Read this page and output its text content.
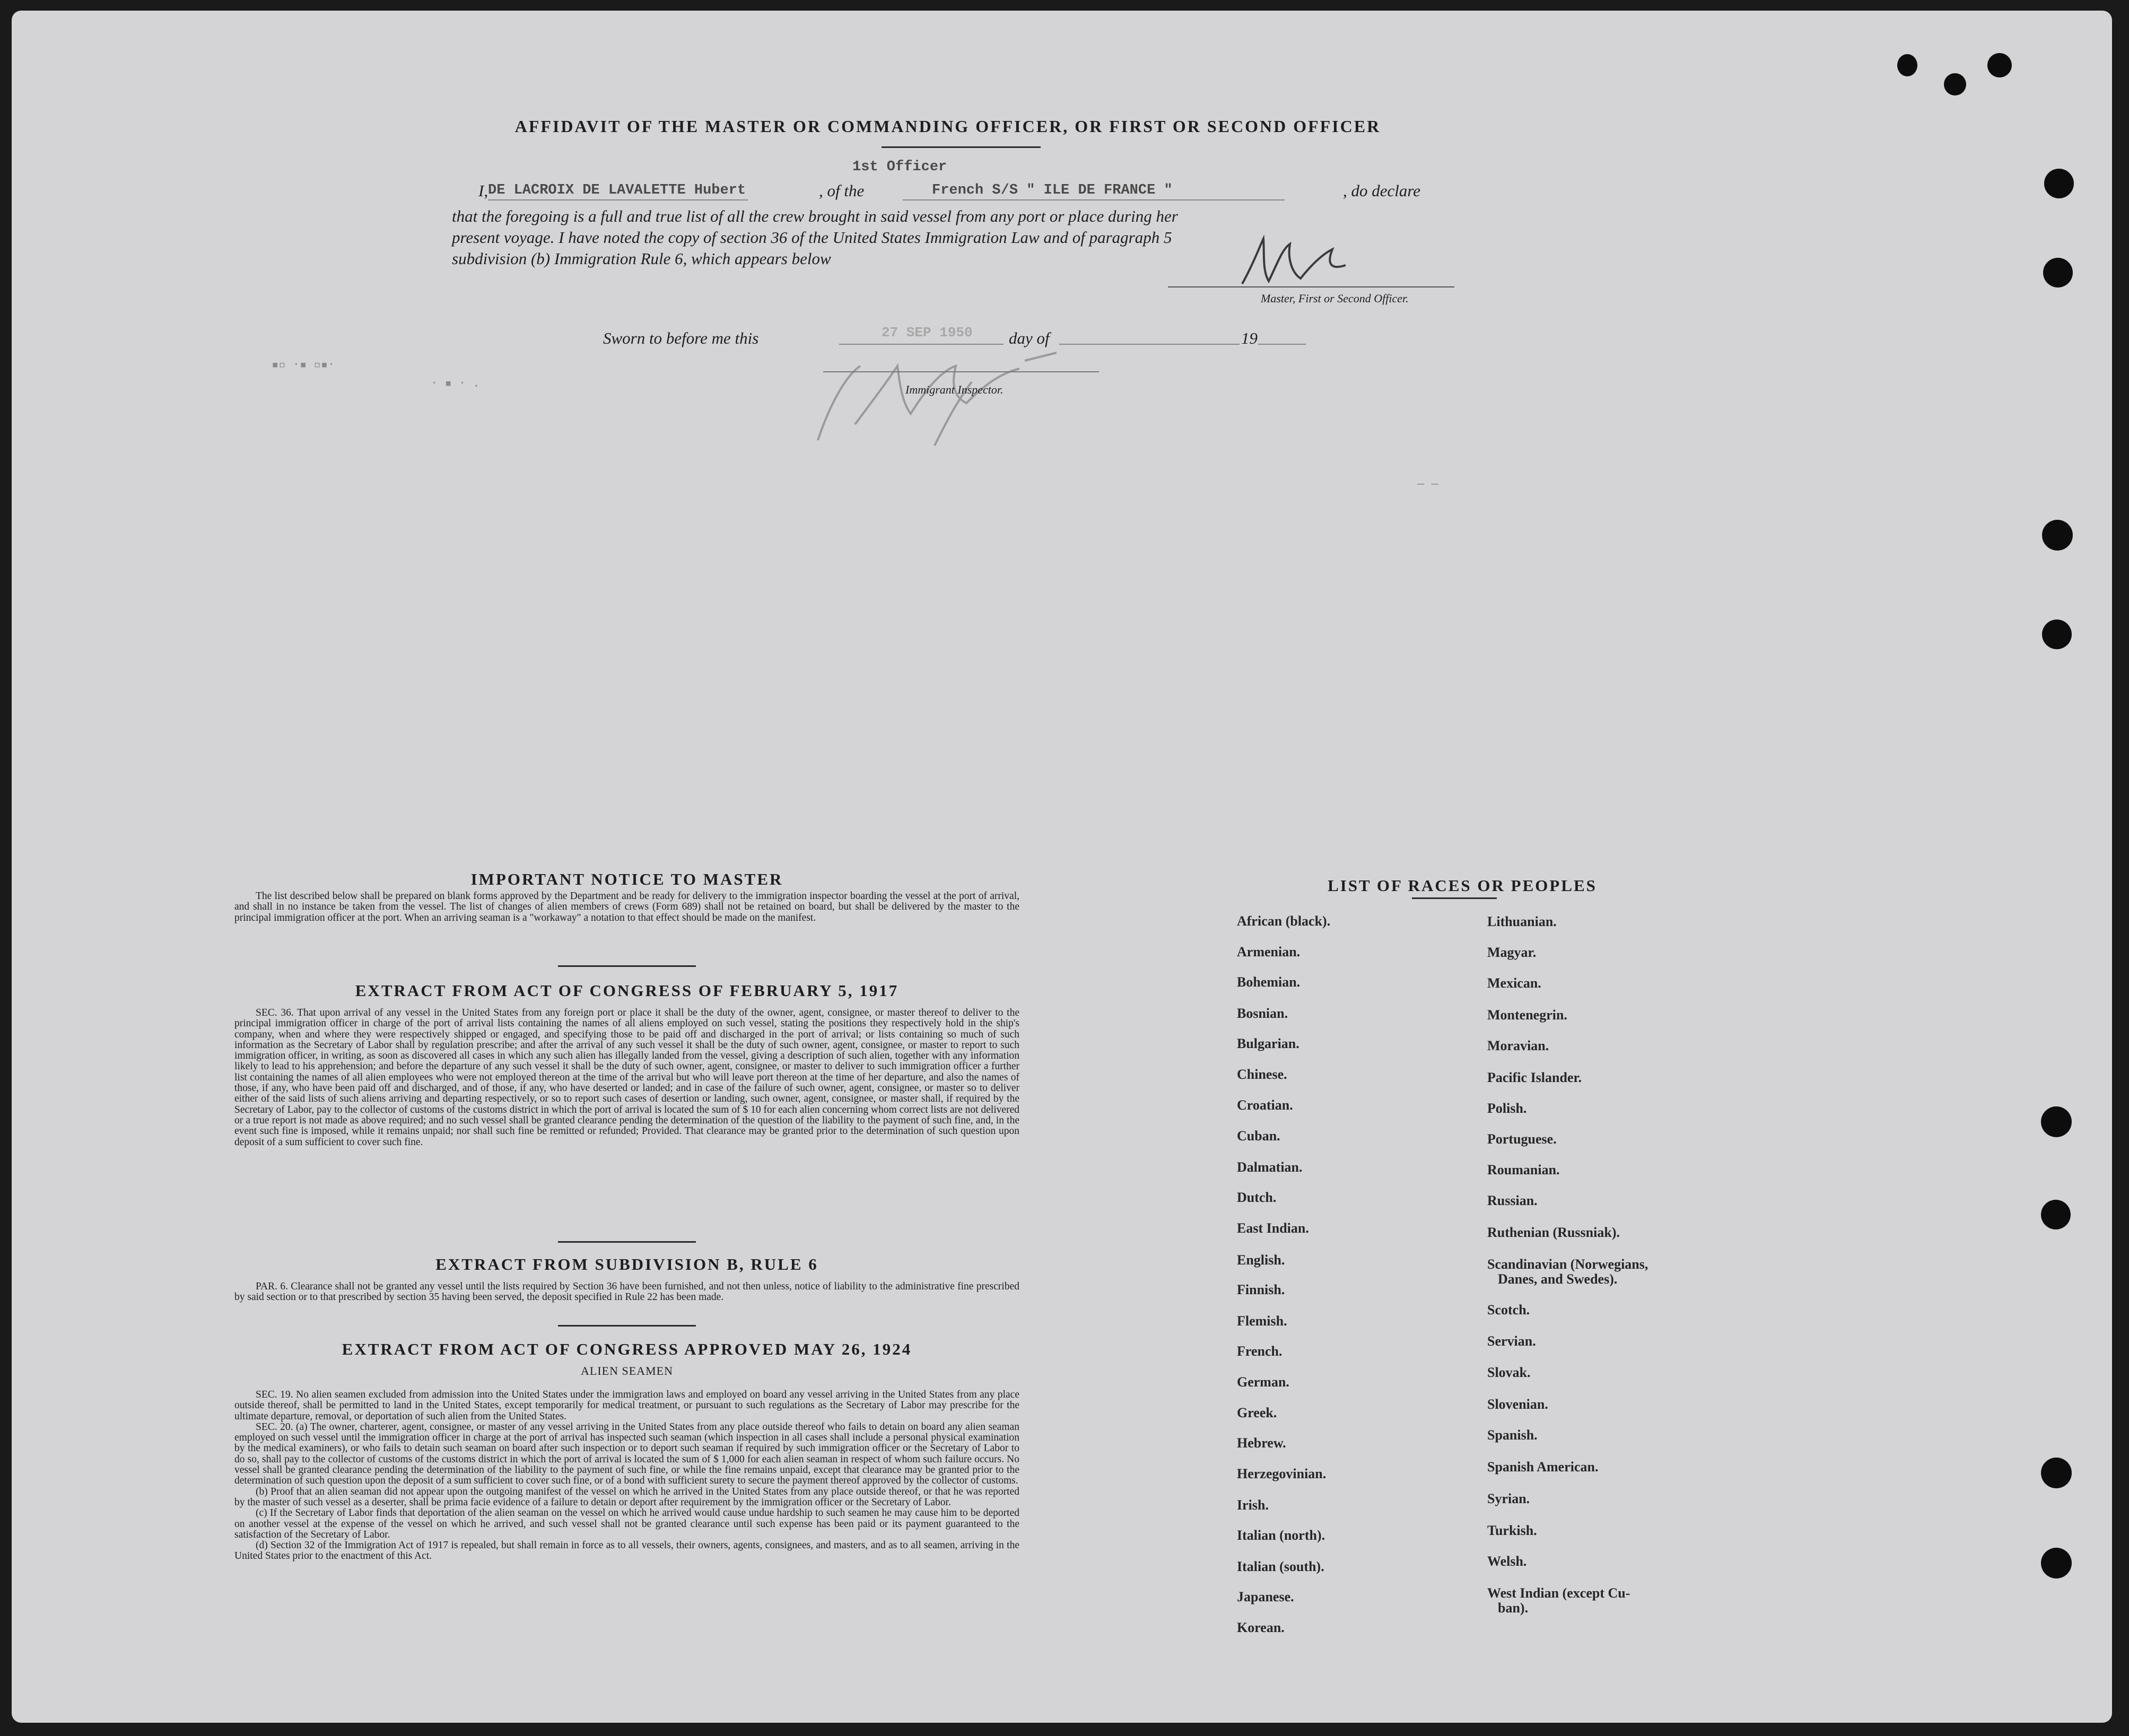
AFFIDAVIT OF THE MASTER OR COMMANDING OFFICER, OR FIRST OR SECOND OFFICER
1st Officer
I, DE LACROIX DE LAVALETTE Hubert	, of the	French S/S " ILE DE FRANCE "	, do declare
that the foregoing is a full and true list of all the crew brought in said vessel from any port or place during her
present voyage. I have noted the copy of section 36 of the United States Immigration Law and of paragraph 5
subdivision (b) Immigration Rule 6, which appears below
Master, First or Second Officer.
Sworn to before me this	27 SEP 1950 day of	19
Immigrant Inspector.
▪▫ ·▪ ▫▪·
· ▪ · .
– –
IMPORTANT NOTICE TO MASTER

The list described below shall be prepared on blank forms approved by the Department and be ready for delivery to the immigration inspector boarding the vessel at the port of arrival, and shall in no instance be taken from the vessel. The list of changes of alien members of crews (Form 689) shall not be retained on board, but shall be delivered by the master to the principal immigration officer at the port. When an arriving seaman is a "workaway" a notation to that effect should be made on the manifest.

EXTRACT FROM ACT OF CONGRESS OF FEBRUARY 5, 1917

SEC. 36. That upon arrival of any vessel in the United States from any foreign port or place it shall be the duty of the owner, agent, consignee, or master thereof to deliver to the principal immigration officer in charge of the port of arrival lists containing the names of all aliens employed on such vessel, stating the positions they respectively hold in the ship's company, when and where they were respectively shipped or engaged, and specifying those to be paid off and discharged in the port of arrival; or lists containing so much of such information as the Secretary of Labor shall by regulation prescribe; and after the arrival of any such vessel it shall be the duty of such owner, agent, consignee, or master to report to such immigration officer, in writing, as soon as discovered all cases in which any such alien has illegally landed from the vessel, giving a description of such alien, together with any information likely to lead to his apprehension; and before the departure of any such vessel it shall be the duty of such owner, agent, consignee, or master to deliver to such immigration officer a further list containing the names of all alien employees who were not employed thereon at the time of the arrival but who will leave port thereon at the time of her departure, and also the names of those, if any, who have been paid off and discharged, and of those, if any, who have deserted or landed; and in case of the failure of such owner, agent, consignee, or master so to deliver either of the said lists of such aliens arriving and departing respectively, or so to report such cases of desertion or landing, such owner, agent, consignee, or master shall, if required by the Secretary of Labor, pay to the collector of customs of the customs district in which the port of arrival is located the sum of $ 10 for each alien concerning whom correct lists are not delivered or a true report is not made as above required; and no such vessel shall be granted clearance pending the determination of the question of the liability to the payment of such fine, and, in the event such fine is imposed, while it remains unpaid; nor shall such fine be remitted or refunded; Provided. That clearance may be granted prior to the determination of such question upon deposit of a sum sufficient to cover such fine.

EXTRACT FROM SUBDIVISION B, RULE 6

PAR. 6. Clearance shall not be granted any vessel until the lists required by Section 36 have been furnished, and not then unless, notice of liability to the administrative fine prescribed by said section or to that prescribed by section 35 having been served, the deposit specified in Rule 22 has been made.

EXTRACT FROM ACT OF CONGRESS APPROVED MAY 26, 1924
ALIEN SEAMEN

SEC. 19. No alien seamen excluded from admission into the United States under the immigration laws and employed on board any vessel arriving in the United States from any place outside thereof, shall be permitted to land in the United States, except temporarily for medical treatment, or pursuant to such regulations as the Secretary of Labor may prescribe for the ultimate departure, removal, or deportation of such alien from the United States.

SEC. 20. (a) The owner, charterer, agent, consignee, or master of any vessel arriving in the United States from any place outside thereof who fails to detain on board any alien seaman employed on such vessel until the immigration officer in charge at the port of arrival has inspected such seaman (which inspection in all cases shall include a personal physical examination by the medical examiners), or who fails to detain such seaman on board after such inspection or to deport such seaman if required by such immigration officer or the Secretary of Labor to do so, shall pay to the collector of customs of the customs district in which the port of arrival is located the sum of $ 1,000 for each alien seaman in respect of whom such failure occurs. No vessel shall be granted clearance pending the determination of the liability to the payment of such fine, or while the fine remains unpaid, except that clearance may be granted prior to the determination of such question upon the deposit of a sum sufficient to cover such fine, or of a bond with sufficient surety to secure the payment thereof approved by the collector of customs.

(b) Proof that an alien seaman did not appear upon the outgoing manifest of the vessel on which he arrived in the United States from any place outside thereof, or that he was reported by the master of such vessel as a deserter, shall be prima facie evidence of a failure to detain or deport after requirement by the immigration officer or the Secretary of Labor.

(c) If the Secretary of Labor finds that deportation of the alien seaman on the vessel on which he arrived would cause undue hardship to such seamen he may cause him to be deported on another vessel at the expense of the vessel on which he arrived, and such vessel shall not be granted clearance until such expense has been paid or its payment guaranteed to the satisfaction of the Secretary of Labor.

(d) Section 32 of the Immigration Act of 1917 is repealed, but shall remain in force as to all vessels, their owners, agents, consignees, and masters, and as to all seamen, arriving in the United States prior to the enactment of this Act.

LIST OF RACES OR PEOPLES
African (black).
Armenian.
Bohemian.
Bosnian.
Bulgarian.
Chinese.
Croatian.
Cuban.
Dalmatian.
Dutch.
East Indian.
English.
Finnish.
Flemish.
French.
German.
Greek.
Hebrew.
Herzegovinian.
Irish.
Italian (north).
Italian (south).
Japanese.
Korean.
Lithuanian.
Magyar.
Mexican.
Montenegrin.
Moravian.
Pacific Islander.
Polish.
Portuguese.
Roumanian.
Russian.
Ruthenian (Russniak).
Scandinavian (Norwegians,
Danes, and Swedes).
Scotch.
Servian.
Slovak.
Slovenian.
Spanish.
Spanish American.
Syrian.
Turkish.
Welsh.
West Indian (except Cu-
ban).
